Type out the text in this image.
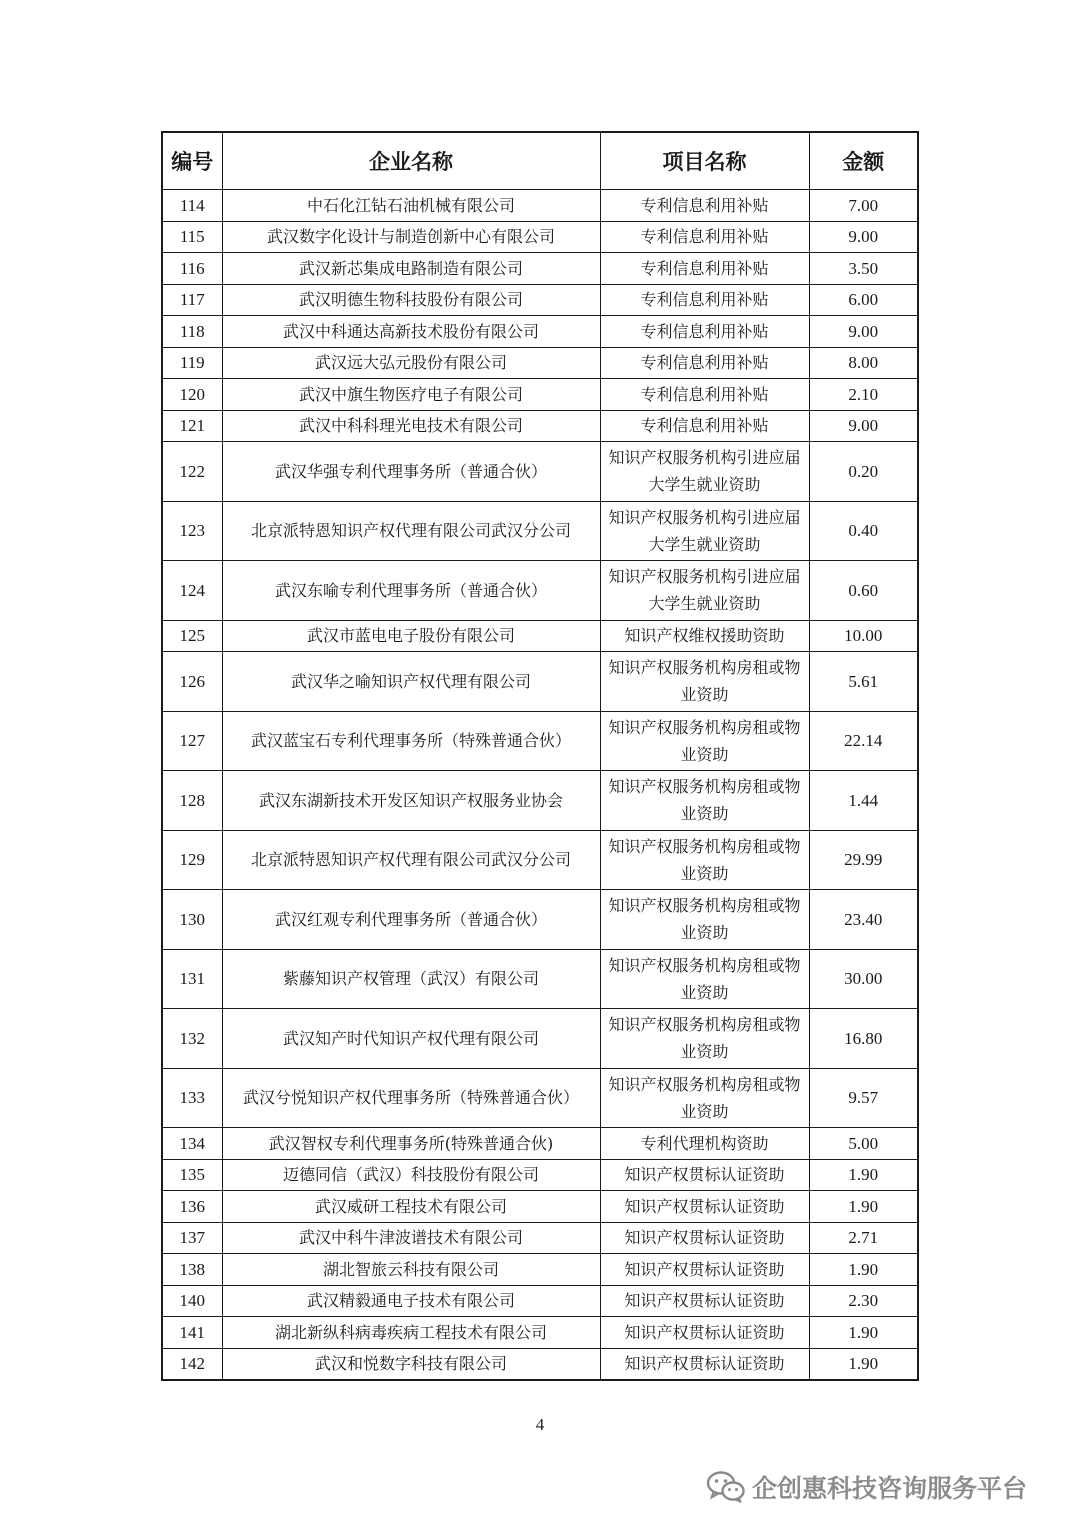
编号	企业名称	项目名称	金额
114	中石化江钻石油机械有限公司	专利信息利用补贴	7.00
115	武汉数字化设计与制造创新中心有限公司	专利信息利用补贴	9.00
116	武汉新芯集成电路制造有限公司	专利信息利用补贴	3.50
117	武汉明德生物科技股份有限公司	专利信息利用补贴	6.00
118	武汉中科通达高新技术股份有限公司	专利信息利用补贴	9.00
119	武汉远大弘元股份有限公司	专利信息利用补贴	8.00
120	武汉中旗生物医疗电子有限公司	专利信息利用补贴	2.10
121	武汉中科科理光电技术有限公司	专利信息利用补贴	9.00
122	武汉华强专利代理事务所（普通合伙）	知识产权服务机构引进应届大学生就业资助	0.20
123	北京派特恩知识产权代理有限公司武汉分公司	知识产权服务机构引进应届大学生就业资助	0.40
124	武汉东喻专利代理事务所（普通合伙）	知识产权服务机构引进应届大学生就业资助	0.60
125	武汉市蓝电电子股份有限公司	知识产权维权援助资助	10.00
126	武汉华之喻知识产权代理有限公司	知识产权服务机构房租或物业资助	5.61
127	武汉蓝宝石专利代理事务所（特殊普通合伙）	知识产权服务机构房租或物业资助	22.14
128	武汉东湖新技术开发区知识产权服务业协会	知识产权服务机构房租或物业资助	1.44
129	北京派特恩知识产权代理有限公司武汉分公司	知识产权服务机构房租或物业资助	29.99
130	武汉红观专利代理事务所（普通合伙）	知识产权服务机构房租或物业资助	23.40
131	紫藤知识产权管理（武汉）有限公司	知识产权服务机构房租或物业资助	30.00
132	武汉知产时代知识产权代理有限公司	知识产权服务机构房租或物业资助	16.80
133	武汉兮悦知识产权代理事务所（特殊普通合伙）	知识产权服务机构房租或物业资助	9.57
134	武汉智权专利代理事务所(特殊普通合伙)	专利代理机构资助	5.00
135	迈德同信（武汉）科技股份有限公司	知识产权贯标认证资助	1.90
136	武汉威研工程技术有限公司	知识产权贯标认证资助	1.90
137	武汉中科牛津波谱技术有限公司	知识产权贯标认证资助	2.71
138	湖北智旅云科技有限公司	知识产权贯标认证资助	1.90
140	武汉精毅通电子技术有限公司	知识产权贯标认证资助	2.30
141	湖北新纵科病毒疾病工程技术有限公司	知识产权贯标认证资助	1.90
142	武汉和悦数字科技有限公司	知识产权贯标认证资助	1.90
4
企创惠科技咨询服务平台
